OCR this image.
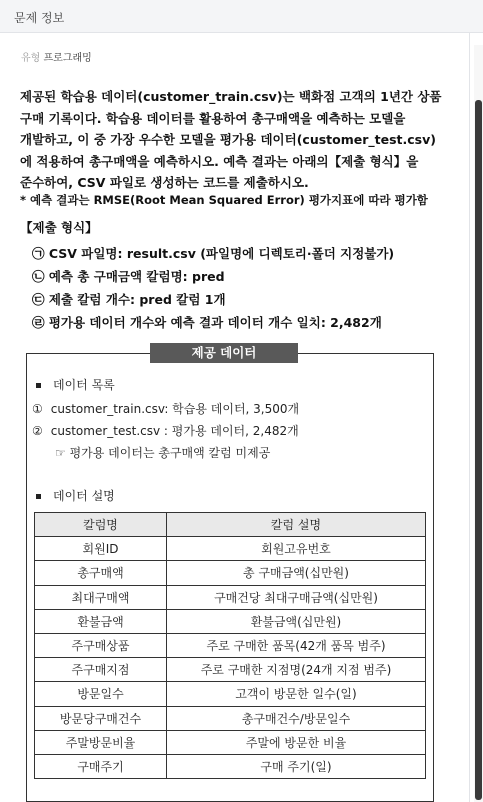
문제 정보
유형 프로그래밍

제공된 학습용 데이터(customer_train.csv)는 백화점 고객의 1년간 상품

구매 기록이다. 학습용 데이터를 활용하여 총구매액을 예측하는 모델을

개발하고, 이 중 가장 우수한 모델을 평가용 데이터(customer_test.csv)

에 적용하여 총구매액을 예측하시오. 예측 결과는 아래의【제출 형식】을

준수하여, CSV 파일로 생성하는 코드를 제출하시오.

* 예측 결과는 RMSE(Root Mean Squared Error) 평가지표에 따라 평가함
【제출 형식】
㉠ CSV 파일명: result.csv (파일명에 디렉토리·폴더 지정불가)
㉡ 예측 총 구매금액 칼럼명: pred
㉢ 제출 칼럼 개수: pred 칼럼 1개
㉣ 평가용 데이터 개수와 예측 결과 데이터 개수 일치: 2,482개
제공 데이터
데이터 목록
① customer_train.csv: 학습용 데이터, 3,500개
② customer_test.csv : 평가용 데이터, 2,482개
☞ 평가용 데이터는 총구매액 칼럼 미제공
데이터 설명
칼럼명	칼럼 설명
회원ID	회원고유번호
총구매액	총 구매금액(십만원)
최대구매액	구매건당 최대구매금액(십만원)
환불금액	환불금액(십만원)
주구매상품	주로 구매한 품목(42개 품목 범주)
주구매지점	주로 구매한 지점명(24개 지점 범주)
방문일수	고객이 방문한 일수(일)
방문당구매건수	총구매건수/방문일수
주말방문비율	주말에 방문한 비율
구매주기	구매 주기(일)
